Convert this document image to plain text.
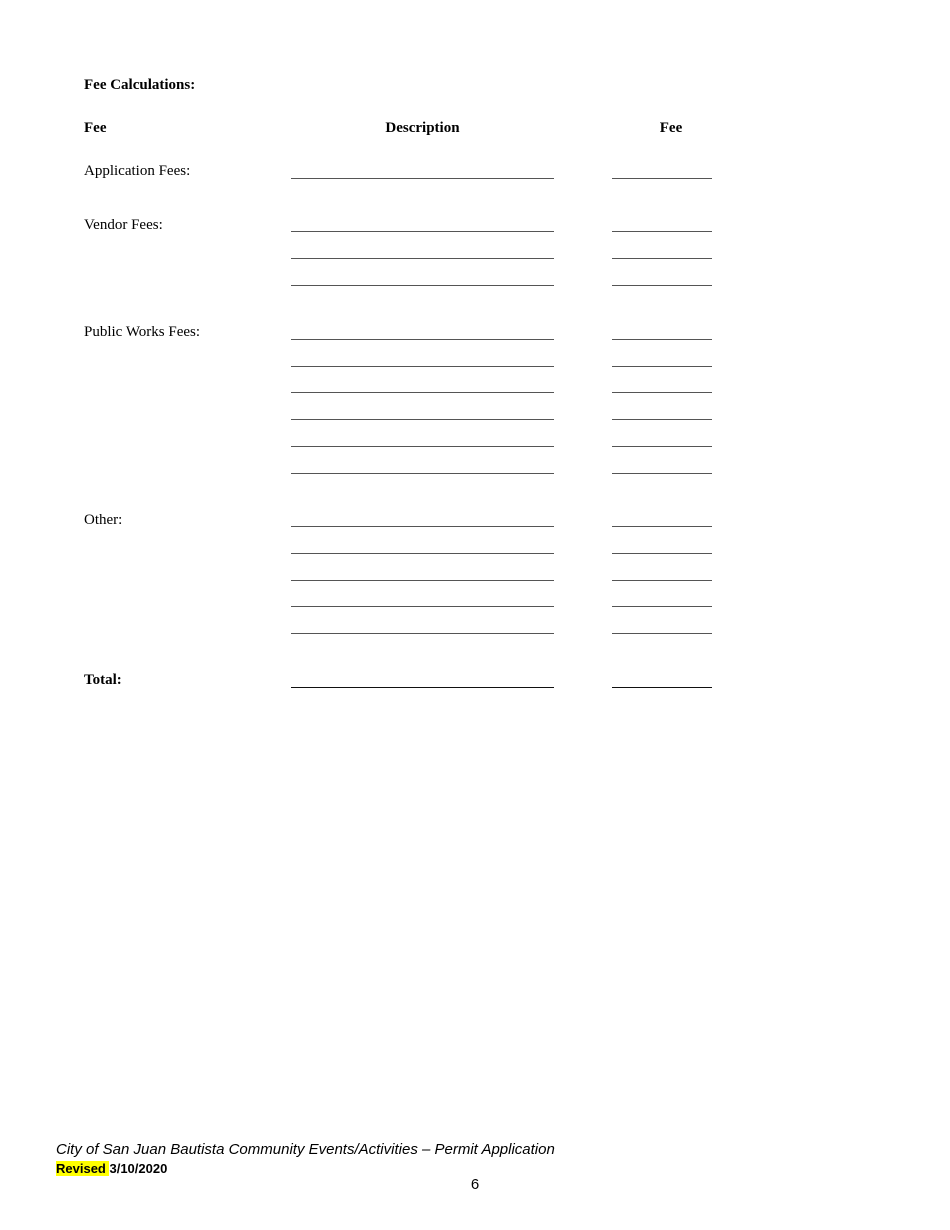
Fee Calculations:
Fee	Description	Fee
Application Fees:
Vendor Fees:
Public Works Fees:
Other:
Total:
City of San Juan Bautista Community Events/Activities – Permit Application
Revised 3/10/2020
6
